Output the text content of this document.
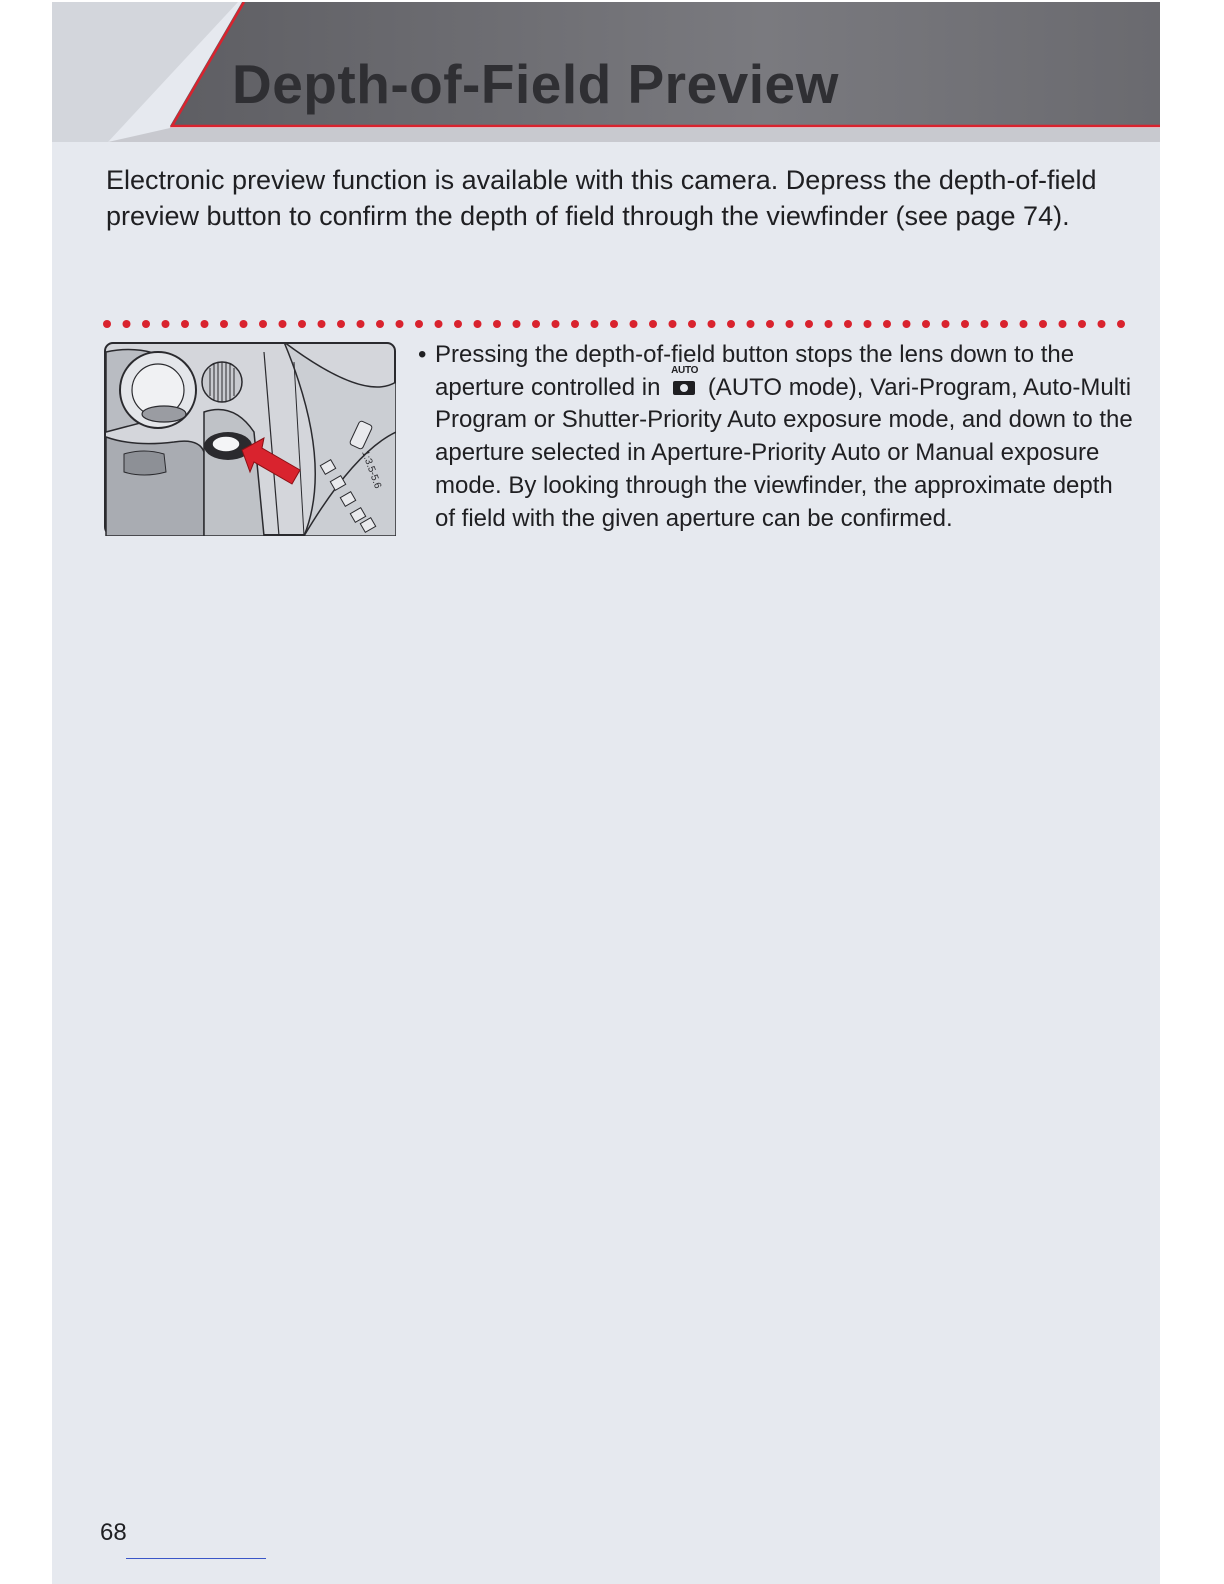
Depth-of-Field Preview
Electronic preview function is available with this camera. Depress the depth-of-field preview button to confirm the depth of field through the viewfinder (see page 74).
1:3.5-5.6
• Pressing the depth-of-field button stops the lens down to the aperture controlled in
AUTO
(AUTO mode), Vari-Program, Auto-Multi Program or Shutter-Priority Auto exposure mode, and down to the aperture selected in Aperture-Priority Auto or Manual exposure mode. By looking through the viewfinder, the approximate depth of field with the given aperture can be confirmed.
68
